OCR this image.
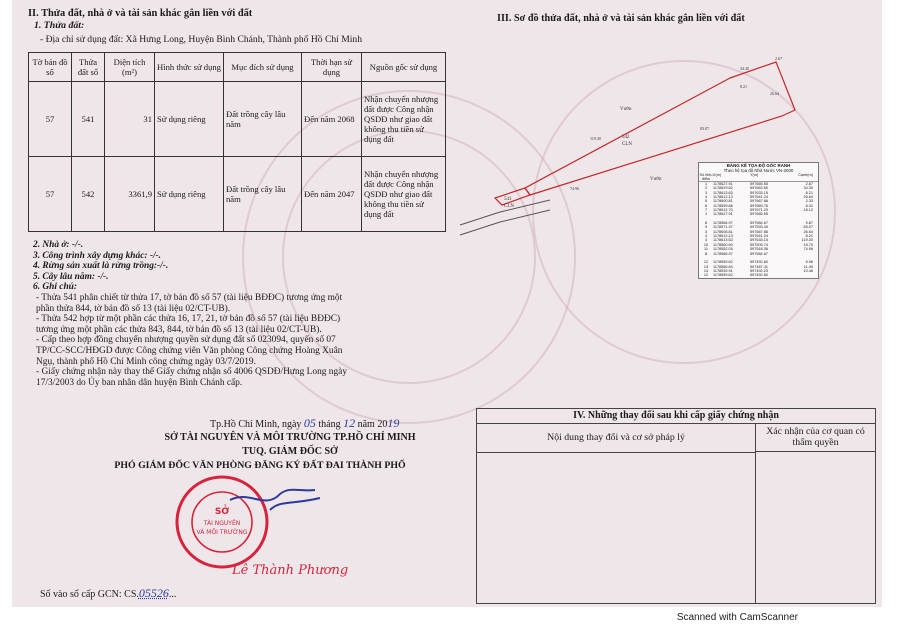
II. Thửa đất, nhà ở và tài sản khác gắn liền với đất
1. Thửa đất:
- Địa chỉ sử dụng đất: Xã Hưng Long, Huyện Bình Chánh, Thành phố Hồ Chí Minh
Tờ bản đồ số	Thửa đất số	Diện tích (m²)	Hình thức sử dụng	Mục đích sử dụng	Thời hạn sử dụng	Nguồn gốc sử dụng
57	541	31	Sử dụng riêng	Đất trồng cây lâu năm	Đến năm 2068	Nhận chuyển nhượng đất được Công nhận QSDĐ như giao đất không thu tiền sử dụng đất
57	542	3361,9	Sử dụng riêng	Đất trồng cây lâu năm	Đến năm 2047	Nhận chuyển nhượng đất được Công nhận QSDĐ như giao đất không thu tiền sử dụng đất
2. Nhà ở: -/-.
3. Công trình xây dựng khác: -/-.
4. Rừng sản xuất là rừng trồng:-/-.
5. Cây lâu năm: -/-.
6. Ghi chú:
- Thửa 541 phân chiết từ thửa 17, tờ bản đồ số 57 (tài liệu BĐĐC) tương ứng một
phần thửa 844, tờ bản đồ số 13 (tài liệu 02/CT-UB).
- Thửa 542 hợp từ một phần các thửa 16, 17, 21, tờ bản đồ số 57 (tài liệu BĐĐC)
tương ứng một phần các thửa 843, 844, tờ bản đồ số 13 (tài liệu 02/CT-UB).
- Cấp theo hợp đồng chuyển nhượng quyền sử dụng đất số 023094, quyển số 07
TP/CC-SCC/HĐGD được Công chứng viên Văn phòng Công chứng Hoàng Xuân
Ngụ, thành phố Hồ Chí Minh công chứng ngày 03/7/2019.
- Giấy chứng nhận này thay thế Giấy chứng nhận số 4006 QSDĐ/Hưng Long ngày
17/3/2003 do Ủy ban nhân dân huyện Bình Chánh cấp.
Tp.Hồ Chí Minh, ngày 05 tháng 12 năm 2019
SỞ TÀI NGUYÊN VÀ MÔI TRƯỜNG TP.HỒ CHÍ MINH
TUQ. GIÁM ĐỐC SỞ
PHÓ GIÁM ĐỐC VĂN PHÒNG ĐĂNG KÝ ĐẤT ĐAI THÀNH PHỐ
SỞ
TÀI NGUYÊN
VÀ MÔI TRƯỜNG
Lê Thành Phương
Số vào sổ cấp GCN: CS.05526...
III. Sơ đồ thửa đất, nhà ở và tài sản khác gắn liền với đất
Vườn
Vườn
542
CLN
541
CLN
2.67
34.30
8.21
26.64
83.07
119.30
74.96
BẢNG KÊ TỌA ĐỘ GÓC RANH
Theo hệ tọa độ Nhà Nước VN-2000
Số hiệu điểm
X(m)	Y(m)	Cạnh(m)
1	1178627.91	597665.55	2.67
2	1178629.62	597663.50	34.30
3	1178613.63	597633.15	8.21
4	1178612.13	597641.24	26.64
5	1178600.81	597667.86	2.33
6	1178599.86	597669.76	6.31
7	1178612.70	597671.29	18.12
1	1178627.91	597665.55
8	1178566.97	597584.67	9.87
9	1178571.37	597593.40	83.07
3	1178608.81	597667.86	26.64
4	1178612.13	597641.24	8.21
3	1178613.63	597633.15	119.30
10	1178560.60	597509.74	18.70
11	1178552.05	597518.36	74.96
8	1178566.97	597584.67
12	1178559.62	597492.60	5.96
13	1178556.84	597487.41	11.49
14	1178539.91	597492.23	10.46
12	1178559.62	597492.60
IV. Những thay đổi sau khi cấp giấy chứng nhận
Nội dung thay đổi và cơ sở pháp lý
Xác nhận của cơ quan có thẩm quyền
Scanned with CamScanner
